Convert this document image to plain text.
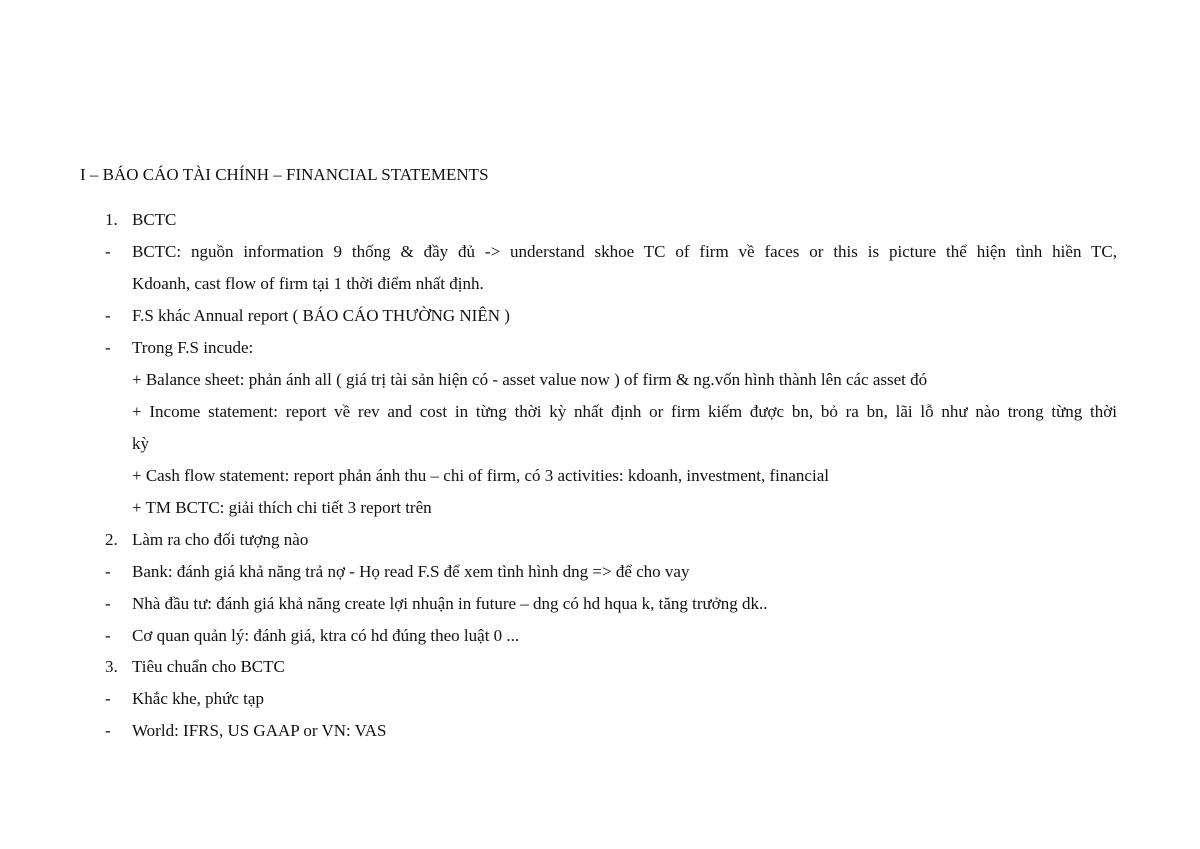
I – BÁO CÁO TÀI CHÍNH – FINANCIAL STATEMENTS
1. BCTC
-	BCTC: nguồn information 9 thống & đầy đủ -> understand skhoe TC of firm về faces or this is picture thể hiện tình hiền TC,
Kdoanh, cast flow of firm tại 1 thời điểm nhất định.
-	F.S khác Annual report ( BÁO CÁO THƯỜNG NIÊN )
-	Trong F.S incude:
+ Balance sheet: phản ánh all ( giá trị tài sản hiện có - asset value now ) of firm & ng.vốn hình thành lên các asset đó
+ Income statement: report về rev and cost in từng thời kỳ nhất định or firm kiếm được bn, bỏ ra bn, lãi lỗ như nào trong từng thời
kỳ
+ Cash flow statement: report phản ánh thu – chi of firm, có 3 activities: kdoanh, investment, financial
+ TM BCTC: giải thích chi tiết 3 report trên
2. Làm ra cho đối tượng nào
-	Bank: đánh giá khả năng trả nợ - Họ read F.S để xem tình hình dng => để cho vay
-	Nhà đầu tư: đánh giá khả năng create lợi nhuận in future – dng có hd hqua k, tăng trưởng dk..
-	Cơ quan quản lý: đánh giá, ktra có hd đúng theo luật 0 ...
3. Tiêu chuẩn cho BCTC
-	Khắc khe, phức tạp
-	World: IFRS, US GAAP or VN: VAS
